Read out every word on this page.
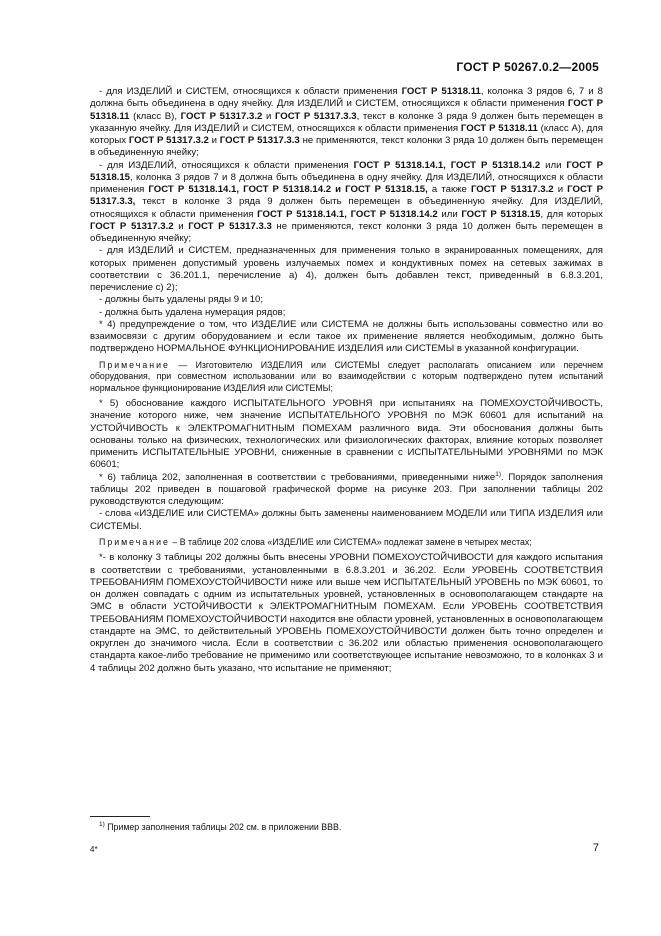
ГОСТ Р 50267.0.2—2005

- для ИЗДЕЛИЙ и СИСТЕМ, относящихся к области применения ГОСТ Р 51318.11, колонка 3 рядов 6, 7 и 8 должна быть объединена в одну ячейку. Для ИЗДЕЛИЙ и СИСТЕМ, относящихся к области применения ГОСТ Р 51318.11 (класс В), ГОСТ Р 51317.3.2 и ГОСТ Р 51317.3.3, текст в колонке 3 ряда 9 должен быть перемещен в указанную ячейку. Для ИЗДЕЛИЙ и СИСТЕМ, относящихся к области применения ГОСТ Р 51318.11 (класс А), для которых ГОСТ Р 51317.3.2 и ГОСТ Р 51317.3.3 не применяются, текст колонки 3 ряда 10 должен быть перемещен в объединенную ячейку;

- для ИЗДЕЛИЙ, относящихся к области применения ГОСТ Р 51318.14.1, ГОСТ Р 51318.14.2 или ГОСТ Р 51318.15, колонка 3 рядов 7 и 8 должна быть объединена в одну ячейку. Для ИЗДЕЛИЙ, относящихся к области применения ГОСТ Р 51318.14.1, ГОСТ Р 51318.14.2 и ГОСТ Р 51318.15, а также ГОСТ Р 51317.3.2 и ГОСТ Р 51317.3.3, текст в колонке 3 ряда 9 должен быть перемещен в объединенную ячейку. Для ИЗДЕЛИЙ, относящихся к области применения ГОСТ Р 51318.14.1, ГОСТ Р 51318.14.2 или ГОСТ Р 51318.15, для которых ГОСТ Р 51317.3.2 и ГОСТ Р 51317.3.3 не применяются, текст колонки 3 ряда 10 должен быть перемещен в объединенную ячейку;

- для ИЗДЕЛИЙ и СИСТЕМ, предназначенных для применения только в экранированных помещениях, для которых применен допустимый уровень излучаемых помех и кондуктивных помех на сетевых зажимах в соответствии с 36.201.1, перечисление а) 4), должен быть добавлен текст, приведенный в 6.8.3.201, перечисление с) 2);

- должны быть удалены ряды 9 и 10;

- должна быть удалена нумерация рядов;

* 4) предупреждение о том, что ИЗДЕЛИЕ или СИСТЕМА не должны быть использованы совместно или во взаимосвязи с другим оборудованием и если такое их применение является необходимым, должно быть подтверждено НОРМАЛЬНОЕ ФУНКЦИОНИРОВАНИЕ ИЗДЕЛИЯ или СИСТЕМЫ в указанной конфигурации.

Примечание — Изготовителю ИЗДЕЛИЯ или СИСТЕМЫ следует располагать описанием или перечнем оборудования, при совместном использовании или во взаимодействии с которым подтверждено путем испытаний нормальное функционирование ИЗДЕЛИЯ или СИСТЕМЫ;

* 5) обоснование каждого ИСПЫТАТЕЛЬНОГО УРОВНЯ при испытаниях на ПОМЕХОУСТОЙЧИВОСТЬ, значение которого ниже, чем значение ИСПЫТАТЕЛЬНОГО УРОВНЯ по МЭК 60601 для испытаний на УСТОЙЧИВОСТЬ к ЭЛЕКТРОМАГНИТНЫМ ПОМЕХАМ различного вида. Эти обоснования должны быть основаны только на физических, технологических или физиологических факторах, влияние которых позволяет применить ИСПЫТАТЕЛЬНЫЕ УРОВНИ, сниженные в сравнении с ИСПЫТАТЕЛЬНЫМИ УРОВНЯМИ по МЭК 60601;

* 6) таблица 202, заполненная в соответствии с требованиями, приведенными ниже$^{1)}$. Порядок заполнения таблицы 202 приведен в пошаговой графической форме на рисунке 203. При заполнении таблицы 202 руководствуются следующим:

- слова «ИЗДЕЛИЕ или СИСТЕМА» должны быть заменены наименованием МОДЕЛИ или ТИПА ИЗДЕЛИЯ или СИСТЕМЫ.

Примечание – В таблице 202 слова «ИЗДЕЛИЕ или СИСТЕМА» подлежат замене в четырех местах;

*- в колонку 3 таблицы 202 должны быть внесены УРОВНИ ПОМЕХОУСТОЙЧИВОСТИ для каждого испытания в соответствии с требованиями, установленными в 6.8.3.201 и 36.202. Если УРОВЕНЬ СООТВЕТСТВИЯ ТРЕБОВАНИЯМ ПОМЕХОУСТОЙЧИВОСТИ ниже или выше чем ИСПЫТАТЕЛЬНЫЙ УРОВЕНЬ по МЭК 60601, то он должен совпадать с одним из испытательных уровней, установленных в основополагающем стандарте на ЭМС в области УСТОЙЧИВОСТИ к ЭЛЕКТРОМАГНИТНЫМ ПОМЕХАМ. Если УРОВЕНЬ СООТВЕТСТВИЯ ТРЕБОВАНИЯМ ПОМЕХОУСТОЙЧИВОСТИ находится вне области уровней, установленных в основополагающем стандарте на ЭМС, то действительный УРОВЕНЬ ПОМЕХОУСТОЙЧИВОСТИ должен быть точно определен и округлен до значимого числа. Если в соответствии с 36.202 или областью применения основополагающего стандарта какое-либо требование не применимо или соответствующее испытание невозможно, то в колонках 3 и 4 таблицы 202 должно быть указано, что испытание не применяют;

$^{1)}$ Пример заполнения таблицы 202 см. в приложении ВВВ.
4*	7
